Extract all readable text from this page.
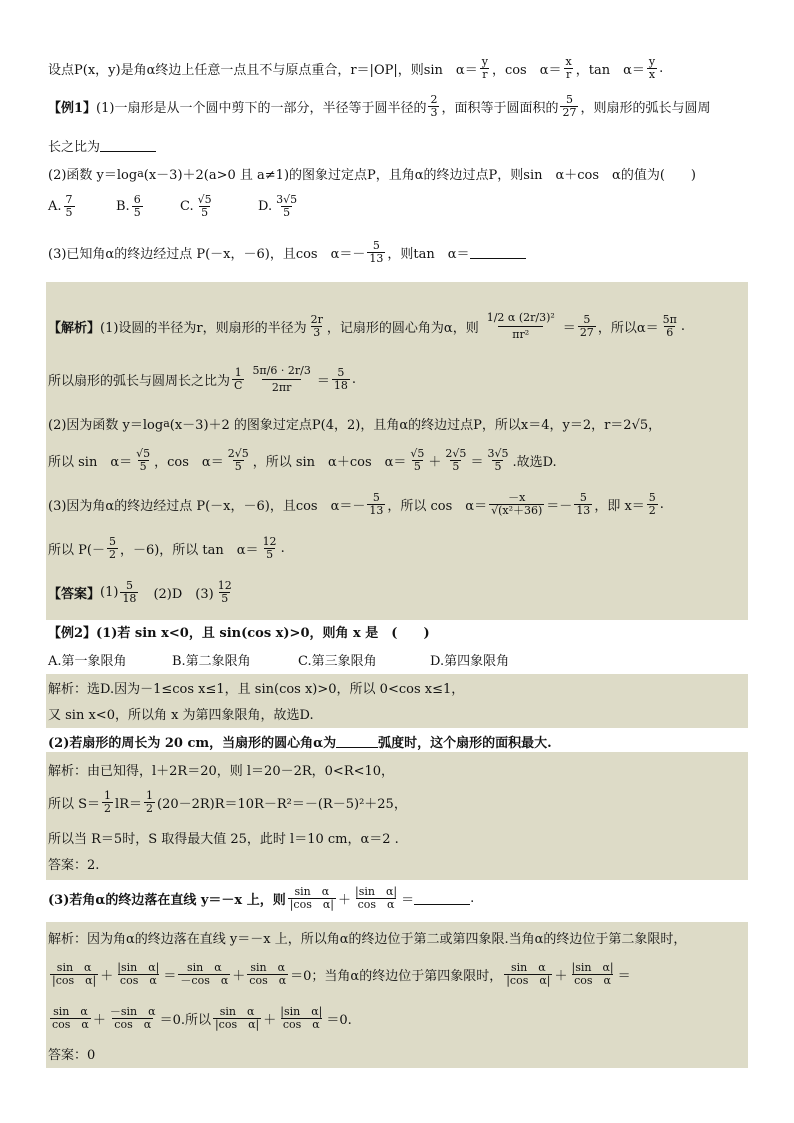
设点P(x，y)是角α终边上任意一点且不与原点重合，r＝|OP|，则sin　α＝
y
r ，cos　α＝
x
r ，tan　α＝
y
x .
【例1】 (1)一扇形是从一个圆中剪下的一部分，半径等于圆半径的
2
3 ，面积等于圆面积的
5
27 ，则扇形的弧长与圆周
长之比为
(2)函数 y＝log a (x－3)＋2(a>0 且 a≠1)的图象过定点P，且角α的终边过点P，则sin　α＋cos　α的值为(　　)
A. 7
5	B. 6
5	C. √5
5	D. 3√5
5
(3)已知角α的终边经过点 P(－x，－6)，且cos　α＝－
5
13 ，则tan　α＝
【解析】 (1)设圆的半径为r，则扇形的半径为
2r
3 ，记扇形的圆心角为α，则
1/2 α (2r/3)²
πr²	＝
5
27 ，所以α＝
5π
6 .
所以扇形的弧长与圆周长之比为
1
C
5π/6 · 2r/3
2πr	＝
5
18 .
(2)因为函数 y＝log a (x－3)＋2 的图象过定点P(4，2)，且角α的终边过点P，所以x＝4，y＝2，r＝2√5，
所以 sin　α＝
√5
5 ，cos　α＝
2√5
5 ，所以 sin　α＋cos　α＝
√5
5 ＋
2√5
5 ＝
3√5
5 .故选D.
(3)因为角α的终边经过点 P(－x，－6)，且cos　α＝－
5
13 ，所以 cos　α＝
－x
√(x²＋36) ＝－
5
13 ，即 x＝
5
2 .
所以 P(－
5
2 ，－6)，所以 tan　α＝
12
5 .
【答案】 (1) 5
18 　(2)D　(3)
12
5
【例2】 (1)若 sin x<0，且 sin(cos x)>0，则角 x 是　(　　)
A.第一象限角	B.第二象限角	C.第三象限角	D.第四象限角
解析：选D.因为－1≤cos x≤1，且 sin(cos x)>0，所以 0<cos x≤1，
又 sin x<0，所以角 x 为第四象限角，故选D.
(2)若扇形的周长为 20 cm，当扇形的圆心角α为	弧度时，这个扇形的面积最大.
解析：由已知得，l＋2R＝20，则 l＝20－2R，0<R<10，
所以 S＝
1
2 lR＝
1
2 (20－2R)R＝10R－R²＝－(R－5)²＋25，
所以当 R＝5时，S 取得最大值 25，此时 l＝10 cm，α＝2 .
答案：2.
(3)若角α的终边落在直线 y＝－x 上，则
sin　α
|cos　α| ＋
|sin　α|
cos　α ＝	.
解析：因为角α的终边落在直线 y＝－x 上，所以角α的终边位于第二或第四象限.当角α的终边位于第二象限时，
sin　α
|cos　α| ＋
|sin　α|
cos　α ＝
sin　α
－cos　α ＋
sin　α
cos　α ＝0；当角α的终边位于第四象限时，
sin　α
|cos　α| ＋
|sin　α|
cos　α ＝
sin　α
cos　α ＋
－sin　α
cos　α ＝0.所以
sin　α
|cos　α| ＋
|sin　α|
cos　α ＝0.
答案：0
